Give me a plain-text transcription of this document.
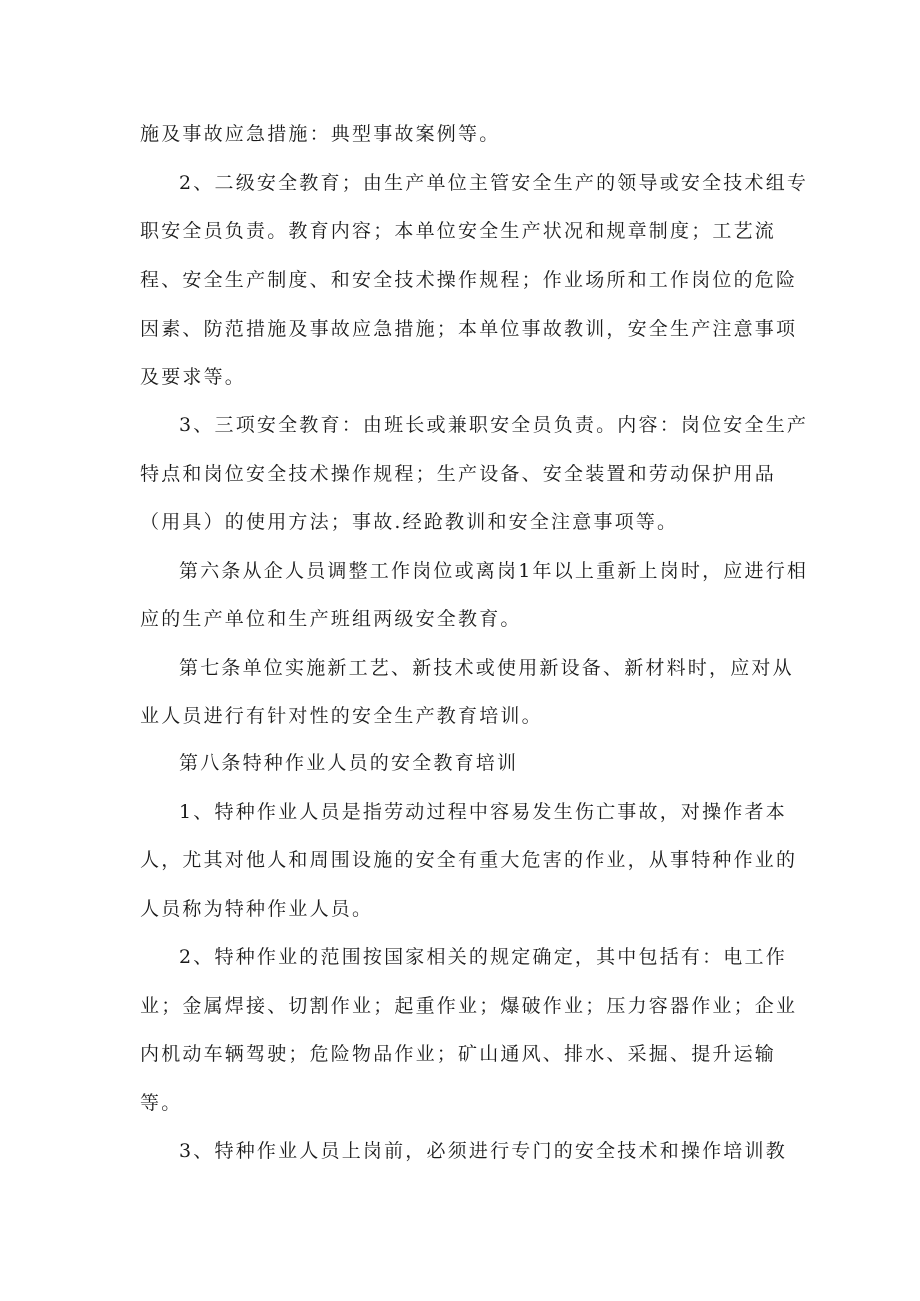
施及事故应急措施：典型事故案例等。
2、二级安全教育；由生产单位主管安全生产的领导或安全技术组专
职安全员负责。教育内容；本单位安全生产状况和规章制度；工艺流
程、安全生产制度、和安全技术操作规程；作业场所和工作岗位的危险
因素、防范措施及事故应急措施；本单位事故教训，安全生产注意事项
及要求等。
3、三项安全教育：由班长或兼职安全员负责。内容：岗位安全生产
特点和岗位安全技术操作规程；生产设备、安全装置和劳动保护用品
（用具）的使用方法；事故.经跄教训和安全注意事项等。
第六条从企人员调整工作岗位或离岗1年以上重新上岗时，应进行相
应的生产单位和生产班组两级安全教育。
第七条单位实施新工艺、新技术或使用新设备、新材料时，应对从
业人员进行有针对性的安全生产教育培训。
第八条特种作业人员的安全教育培训
1、特种作业人员是指劳动过程中容易发生伤亡事故，对操作者本
人，尤其对他人和周围设施的安全有重大危害的作业，从事特种作业的
人员称为特种作业人员。
2、特种作业的范围按国家相关的规定确定，其中包括有：电工作
业；金属焊接、切割作业；起重作业；爆破作业；压力容器作业；企业
内机动车辆驾驶；危险物品作业；矿山通风、排水、采掘、提升运输
等。
3、特种作业人员上岗前，必须进行专门的安全技术和操作培训教
